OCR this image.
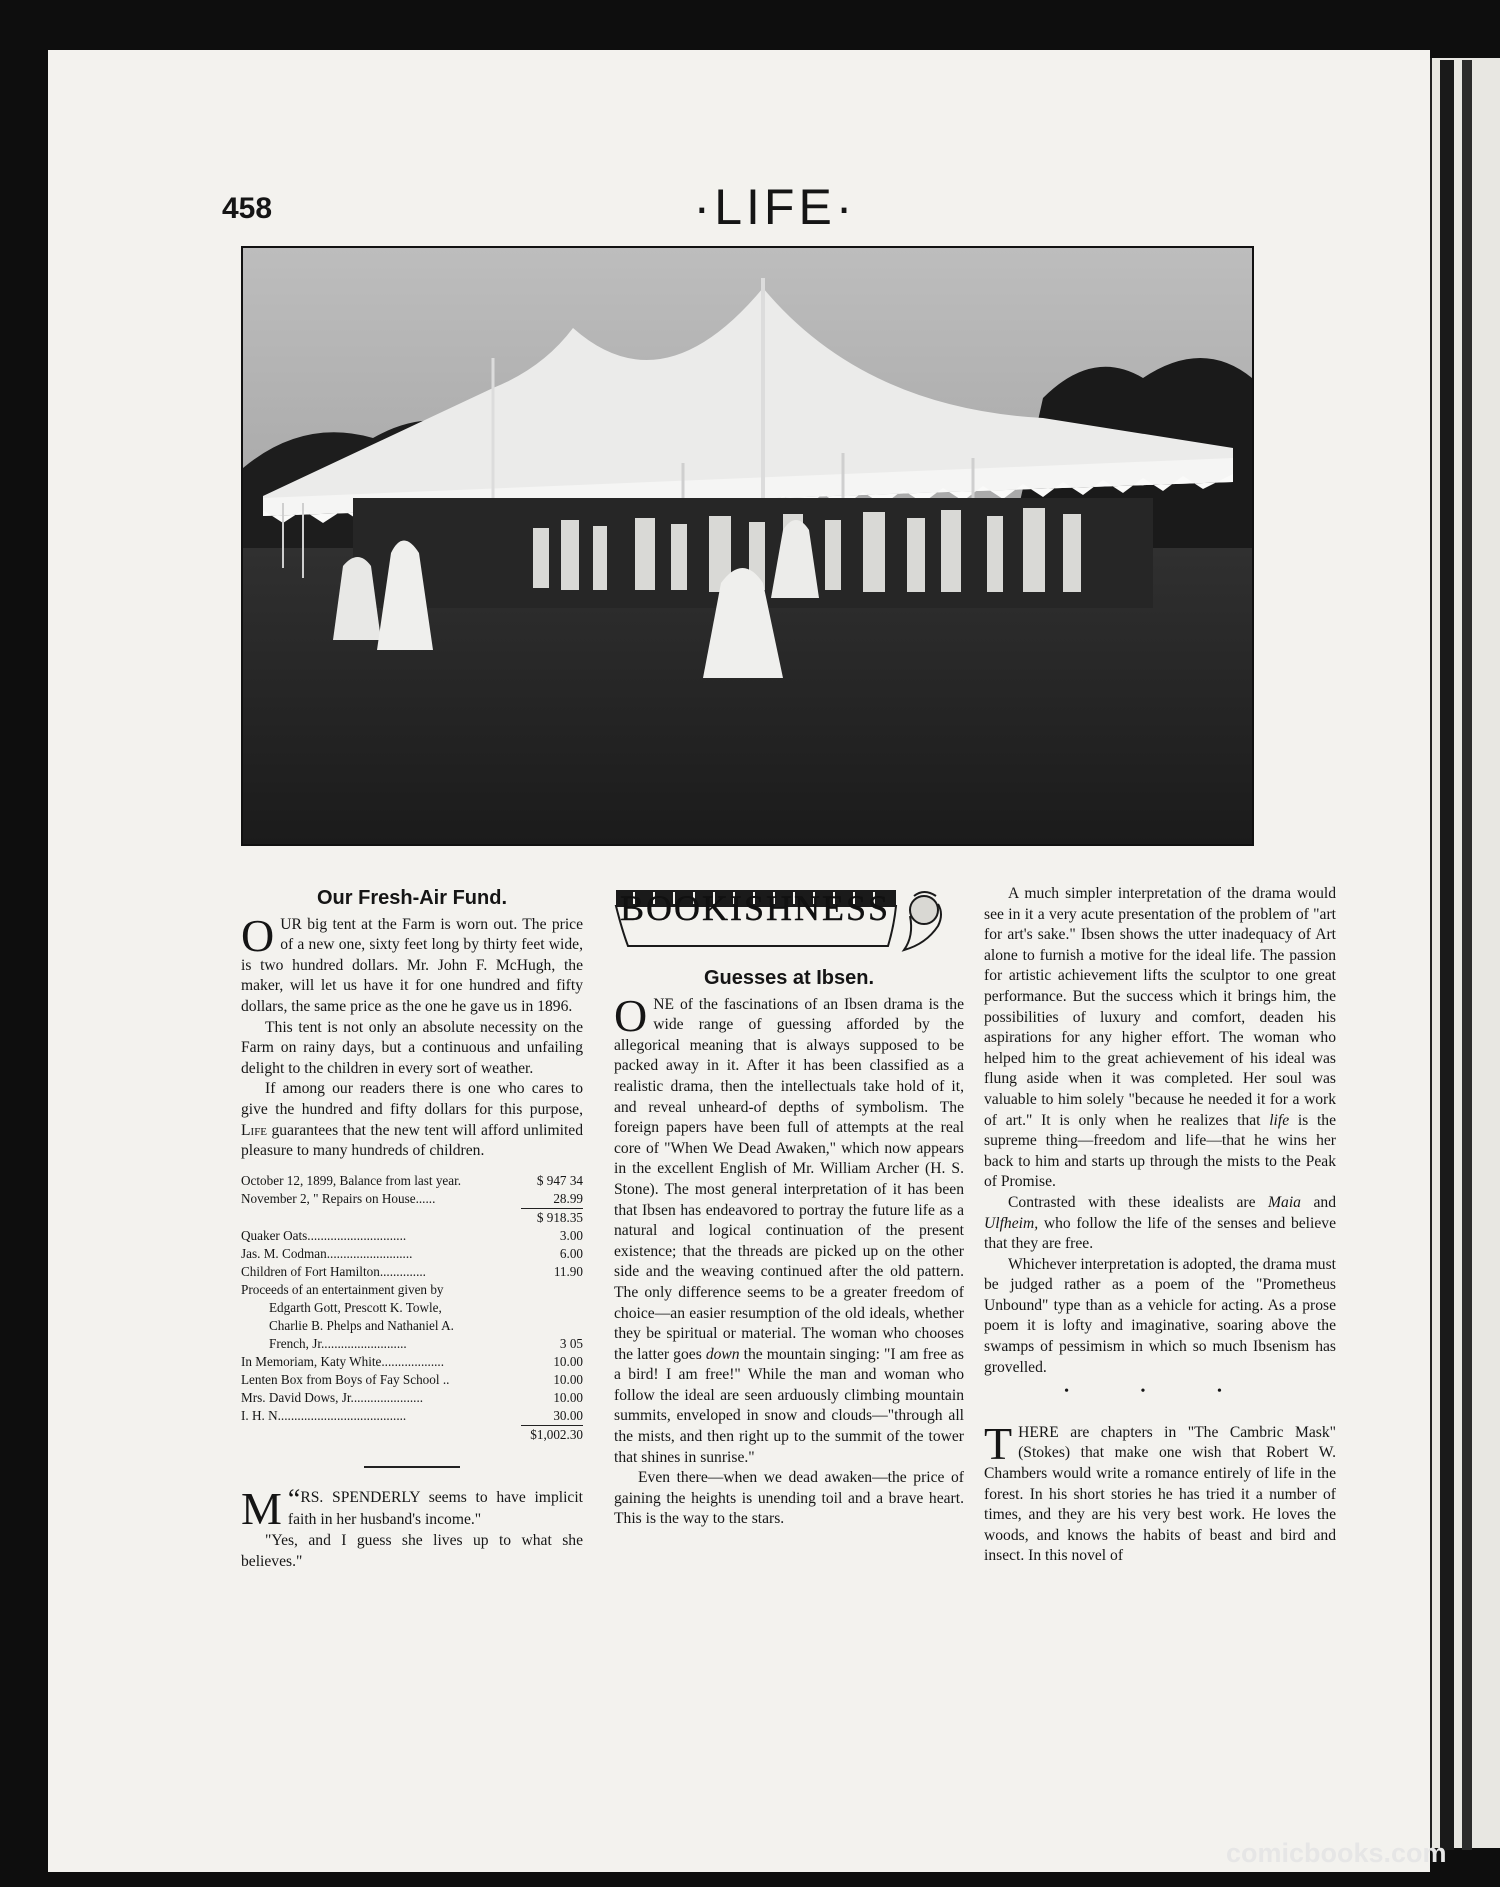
458	·LIFE·
Our Fresh-Air Fund.

OUR big tent at the Farm is worn out. The price of a new one, sixty feet long by thirty feet wide, is two hundred dollars. Mr. John F. McHugh, the maker, will let us have it for one hundred and fifty dollars, the same price as the one he gave us in 1896.

This tent is not only an absolute necessity on the Farm on rainy days, but a continuous and unfailing delight to the children in every sort of weather.

If among our readers there is one who cares to give the hundred and fifty dollars for this purpose, Life guarantees that the new tent will afford unlimited pleasure to many hundreds of children.

October 12, 1899, Balance from last year.	$ 947 34
November 2, " Repairs on House......	28.99
	$ 918.35
Quaker Oats..............................	3.00
Jas. M. Codman..........................	6.00
Children of Fort Hamilton..............	11.90
Proceeds of an entertainment given by	
Edgarth Gott, Prescott K. Towle,	
Charlie B. Phelps and Nathaniel A.	
French, Jr..........................	3 05
In Memoriam, Katy White...................	10.00
Lenten Box from Boys of Fay School ..	10.00
Mrs. David Dows, Jr......................	10.00
I. H. N.......................................	30.00
	$1,002.30

“
M RS. SPENDERLY seems to have implicit faith in her husband's income."

"Yes, and I guess she lives up to what she believes."

BOOKISHNESS
Guesses at Ibsen.

ONE of the fascinations of an Ibsen drama is the wide range of guessing afforded by the allegorical meaning that is always supposed to be packed away in it. After it has been classified as a realistic drama, then the intellectuals take hold of it, and reveal unheard-of depths of symbolism. The foreign papers have been full of attempts at the real core of "When We Dead Awaken," which now appears in the excellent English of Mr. William Archer (H. S. Stone). The most general interpretation of it has been that Ibsen has endeavored to portray the future life as a natural and logical continuation of the present existence; that the threads are picked up on the other side and the weaving continued after the old pattern. The only difference seems to be a greater freedom of choice—an easier resumption of the old ideals, whether they be spiritual or material. The woman who chooses the latter goes down the mountain singing: "I am free as a bird! I am free!" While the man and woman who follow the ideal are seen arduously climbing mountain summits, enveloped in snow and clouds—"through all the mists, and then right up to the summit of the tower that shines in sunrise."

Even there—when we dead awaken—the price of gaining the heights is unending toil and a brave heart. This is the way to the stars.

A much simpler interpretation of the drama would see in it a very acute presentation of the problem of "art for art's sake." Ibsen shows the utter inadequacy of Art alone to furnish a motive for the ideal life. The passion for artistic achievement lifts the sculptor to one great performance. But the success which it brings him, the possibilities of luxury and comfort, deaden his aspirations for any higher effort. The woman who helped him to the great achievement of his ideal was flung aside when it was completed. Her soul was valuable to him solely "because he needed it for a work of art." It is only when he realizes that life is the supreme thing—freedom and life—that he wins her back to him and starts up through the mists to the Peak of Promise.

Contrasted with these idealists are Maia and Ulfheim, who follow the life of the senses and believe that they are free.

Whichever interpretation is adopted, the drama must be judged rather as a poem of the "Prometheus Unbound" type than as a vehicle for acting. As a prose poem it is lofty and imaginative, soaring above the swamps of pessimism in which so much Ibsenism has grovelled.

• • •

THERE are chapters in "The Cambric Mask" (Stokes) that make one wish that Robert W. Chambers would write a romance entirely of life in the forest. In his short stories he has tried it a number of times, and they are his very best work. He loves the woods, and knows the habits of beast and bird and insect. In this novel of

comicbooks.com
